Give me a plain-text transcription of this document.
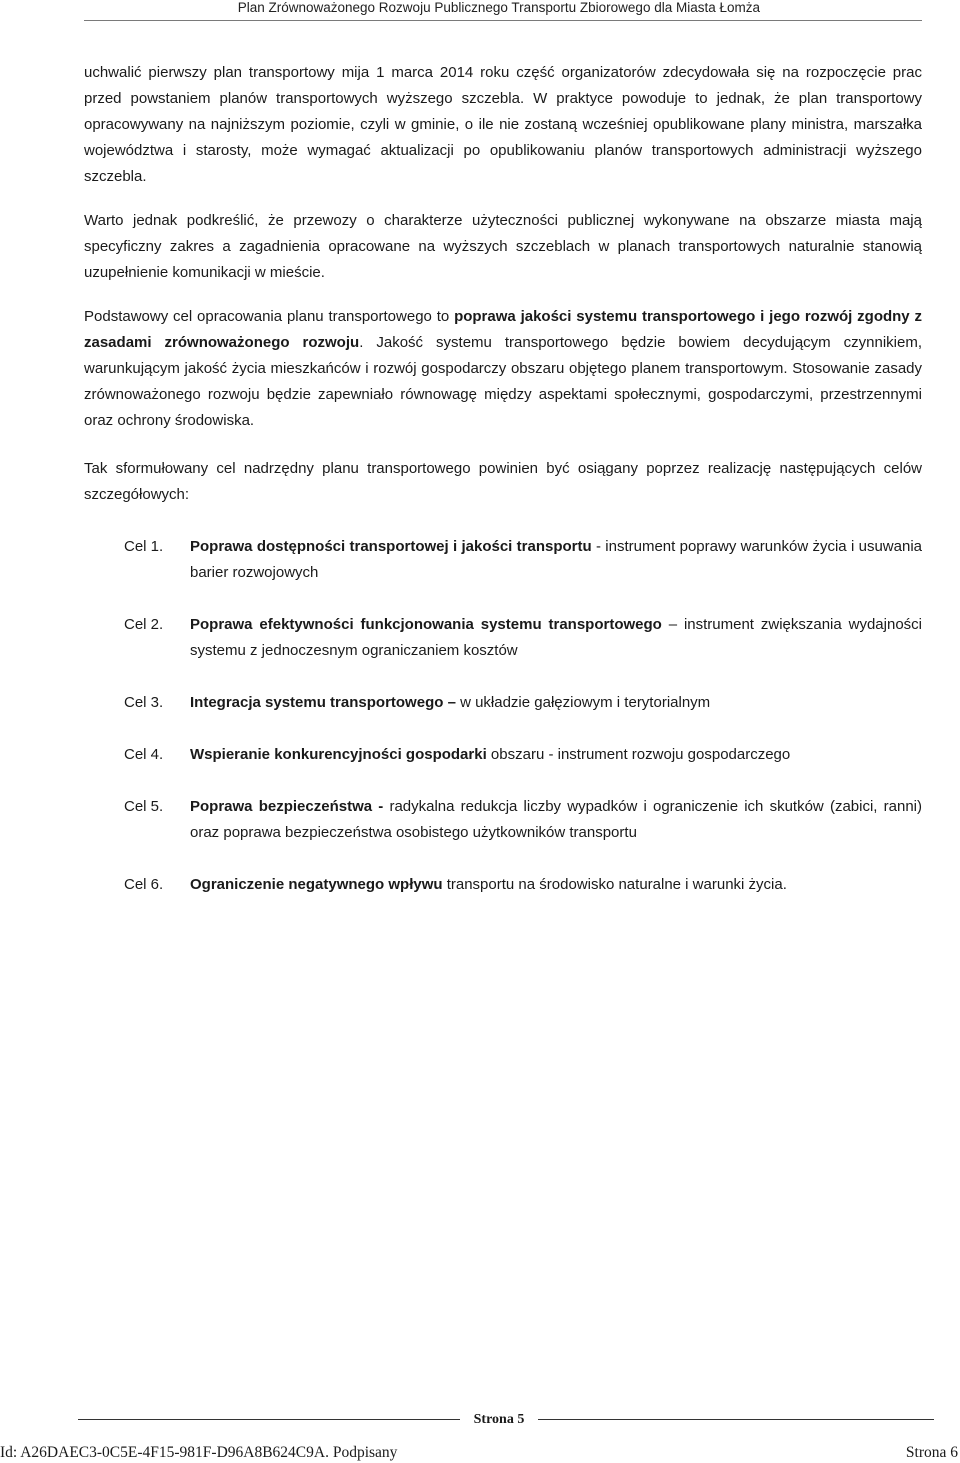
Plan Zrównoważonego Rozwoju Publicznego Transportu Zbiorowego dla Miasta Łomża

uchwalić pierwszy plan transportowy mija 1 marca 2014 roku część organizatorów zdecydowała się na rozpoczęcie prac przed powstaniem planów transportowych wyższego szczebla. W praktyce powoduje to jednak, że plan transportowy opracowywany na najniższym poziomie, czyli w gminie, o ile nie zostaną wcześniej opublikowane plany ministra, marszałka województwa i starosty, może wymagać aktualizacji po opublikowaniu planów transportowych administracji wyższego szczebla.

Warto jednak podkreślić, że przewozy o charakterze użyteczności publicznej wykonywane na obszarze miasta mają specyficzny zakres a zagadnienia opracowane na wyższych szczeblach w planach transportowych naturalnie stanowią uzupełnienie komunikacji w mieście.

Podstawowy cel opracowania planu transportowego to poprawa jakości systemu transportowego i jego rozwój zgodny z zasadami zrównoważonego rozwoju. Jakość systemu transportowego będzie bowiem decydującym czynnikiem, warunkującym jakość życia mieszkańców i rozwój gospodarczy obszaru objętego planem transportowym. Stosowanie zasady zrównoważonego rozwoju będzie zapewniało równowagę między aspektami społecznymi, gospodarczymi, przestrzennymi oraz ochrony środowiska.

Tak sformułowany cel nadrzędny planu transportowego powinien być osiągany poprzez realizację następujących celów szczegółowych:

Cel 1.	Poprawa dostępności transportowej i jakości transportu - instrument poprawy warunków życia i usuwania barier rozwojowych
Cel 2.	Poprawa efektywności funkcjonowania systemu transportowego – instrument zwiększania wydajności systemu z jednoczesnym ograniczaniem kosztów
Cel 3.	Integracja systemu transportowego – w układzie gałęziowym i terytorialnym
Cel 4.	Wspieranie konkurencyjności gospodarki obszaru - instrument rozwoju gospodarczego
Cel 5.	Poprawa bezpieczeństwa - radykalna redukcja liczby wypadków i ograniczenie ich skutków (zabici, ranni) oraz poprawa bezpieczeństwa osobistego użytkowników transportu
Cel 6.	Ograniczenie negatywnego wpływu transportu na środowisko naturalne i warunki życia.
Strona 5
Id: A26DAEC3-0C5E-4F15-981F-D96A8B624C9A. Podpisany	Strona 6
